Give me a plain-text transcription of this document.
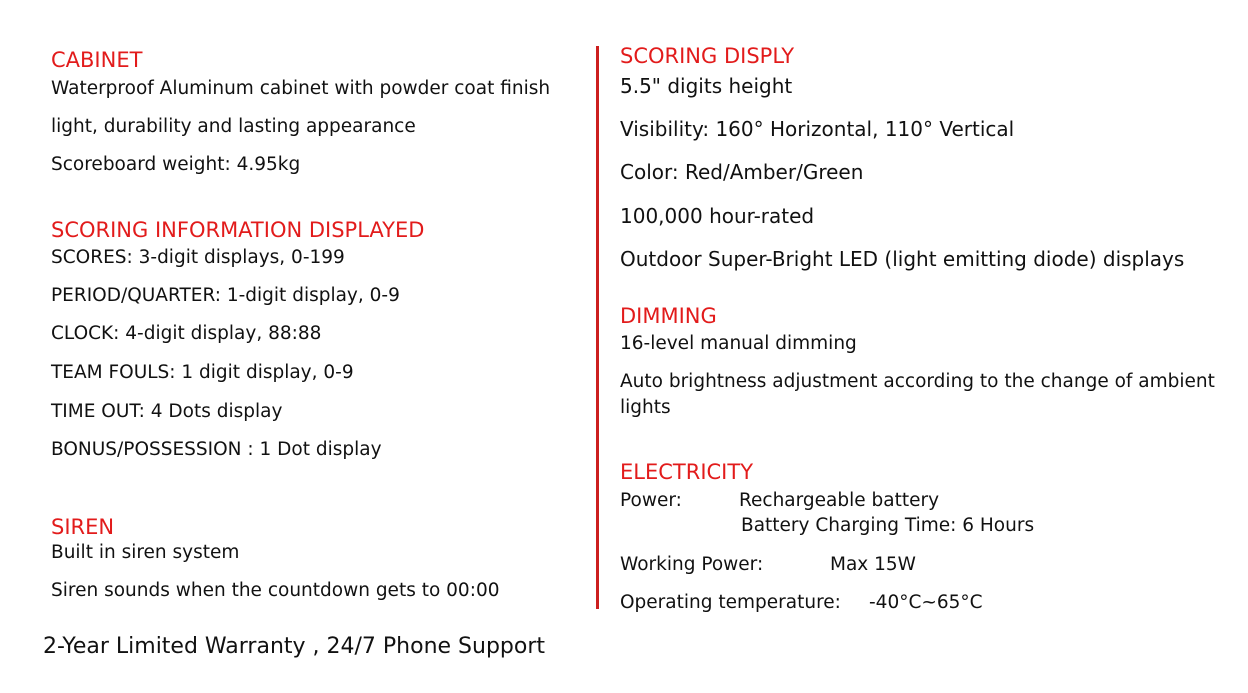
CABINET
Waterproof Aluminum cabinet with powder coat finish
light, durability and lasting appearance
Scoreboard weight: 4.95kg
SCORING INFORMATION DISPLAYED
SCORES: 3-digit displays, 0-199
PERIOD/QUARTER: 1-digit display, 0-9
CLOCK: 4-digit display, 88:88
TEAM FOULS: 1 digit display, 0-9
TIME OUT: 4 Dots display
BONUS/POSSESSION : 1 Dot display
SIREN
Built in siren system
Siren sounds when the countdown gets to 00:00
2-Year Limited Warranty , 24/7 Phone Support
SCORING DISPLY
5.5" digits height
Visibility: 160° Horizontal, 110° Vertical
Color: Red/Amber/Green
100,000 hour-rated
Outdoor Super-Bright LED (light emitting diode) displays
DIMMING
16-level manual dimming
Auto brightness adjustment according to the change of ambient
lights
ELECTRICITY
Power:	Rechargeable battery
Battery Charging Time: 6 Hours
Working Power:	Max 15W
Operating temperature: -40°C~65°C
